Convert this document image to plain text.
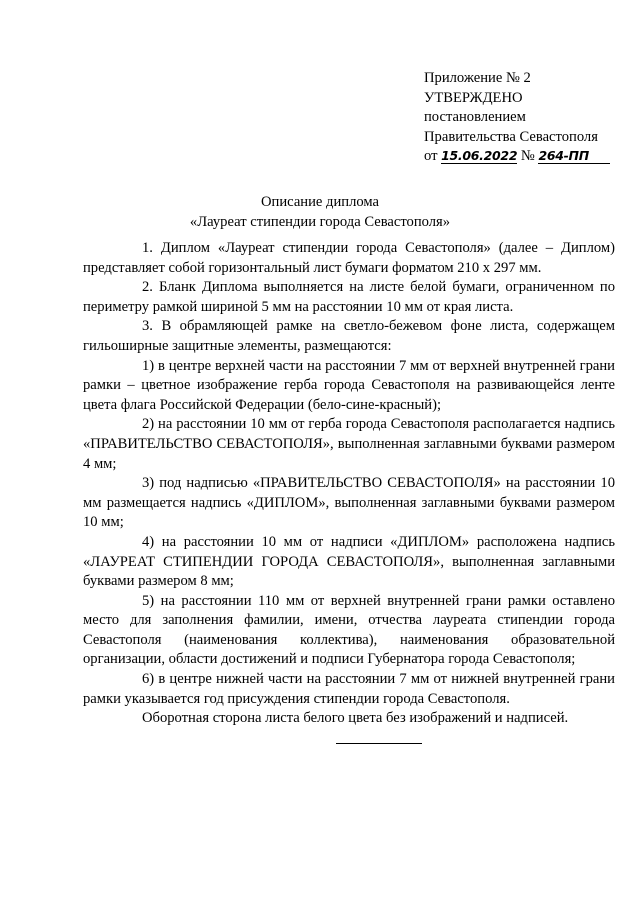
Приложение № 2
УТВЕРЖДЕНО
постановлением
Правительства Севастополя
от 15.06.2022 № 264-ПП
Описание диплома
«Лауреат стипендии города Севастополя»

1. Диплом «Лауреат стипендии города Севастополя» (далее – Диплом) представляет собой горизонтальный лист бумаги форматом 210 x 297 мм.

2. Бланк Диплома выполняется на листе белой бумаги, ограниченном по периметру рамкой шириной 5 мм на расстоянии 10 мм от края листа.

3. В обрамляющей рамке на светло-бежевом фоне листа, содержащем гильоширные защитные элементы, размещаются:

1) в центре верхней части на расстоянии 7 мм от верхней внутренней грани рамки – цветное изображение герба города Севастополя на развивающейся ленте цвета флага Российской Федерации (бело-сине-красный);

2) на расстоянии 10 мм от герба города Севастополя располагается надпись «ПРАВИТЕЛЬСТВО СЕВАСТОПОЛЯ», выполненная заглавными буквами размером 4 мм;

3) под надписью «ПРАВИТЕЛЬСТВО СЕВАСТОПОЛЯ» на расстоянии 10 мм размещается надпись «ДИПЛОМ», выполненная заглавными буквами размером 10 мм;

4) на расстоянии 10 мм от надписи «ДИПЛОМ» расположена надпись «ЛАУРЕАТ СТИПЕНДИИ ГОРОДА СЕВАСТОПОЛЯ», выполненная заглавными буквами размером 8 мм;

5) на расстоянии 110 мм от верхней внутренней грани рамки оставлено место для заполнения фамилии, имени, отчества лауреата стипендии города Севастополя (наименования коллектива), наименования образовательной организации, области достижений и подписи Губернатора города Севастополя;

6) в центре нижней части на расстоянии 7 мм от нижней внутренней грани рамки указывается год присуждения стипендии города Севастополя.

Оборотная сторона листа белого цвета без изображений и надписей.
